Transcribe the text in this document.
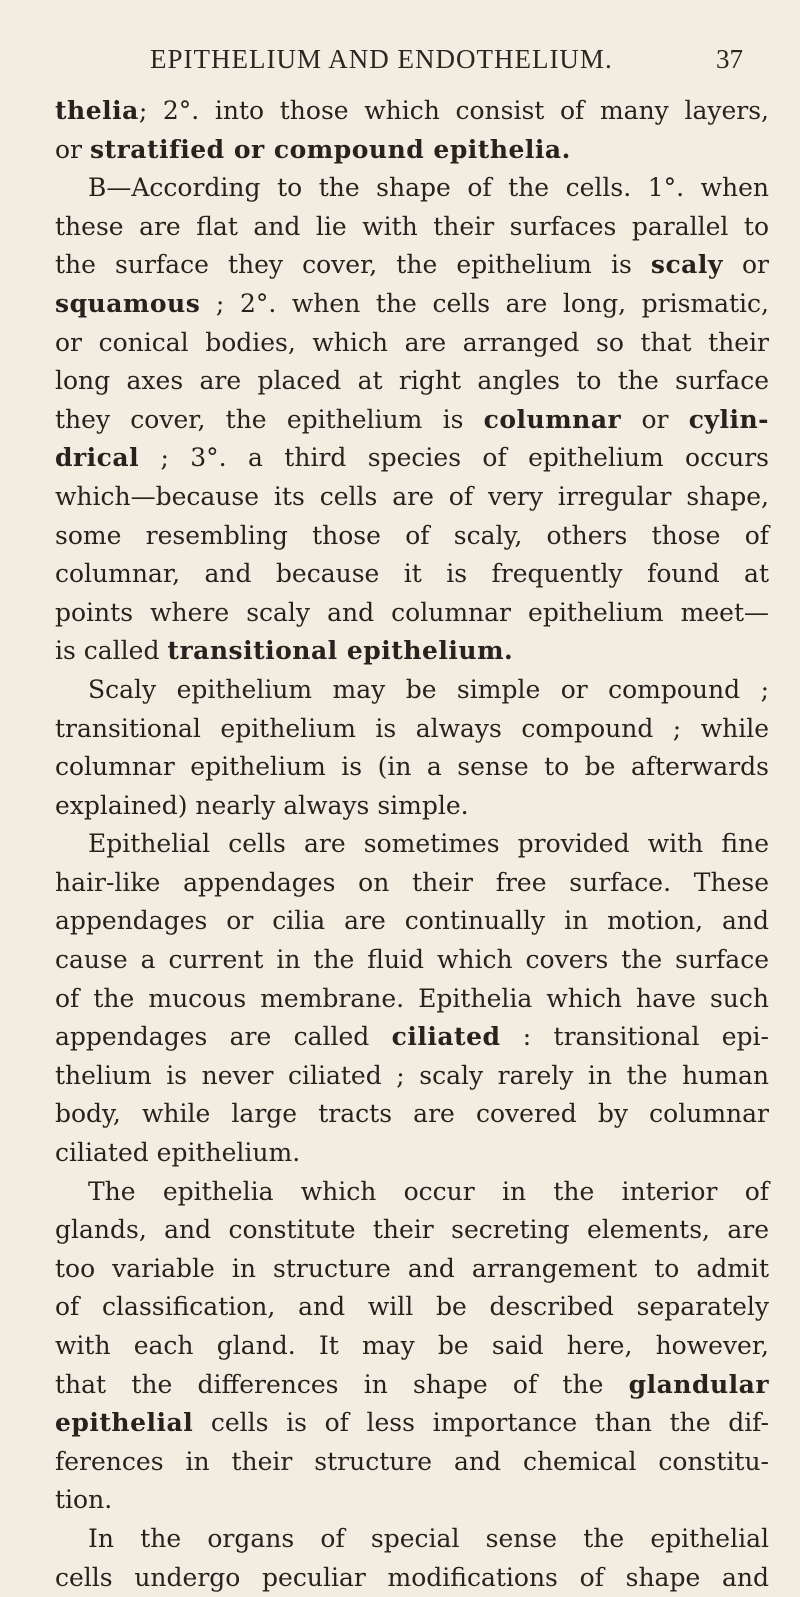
EPITHELIUM AND ENDOTHELIUM.	37
thelia; 2°. into those which consist of many layers,
or stratified or compound epithelia.
B—According to the shape of the cells. 1°. when
these are flat and lie with their surfaces parallel to
the surface they cover, the epithelium is scaly or
squamous ; 2°. when the cells are long, prismatic,
or conical bodies, which are arranged so that their
long axes are placed at right angles to the surface
they cover, the epithelium is columnar or cylin-
drical ; 3°. a third species of epithelium occurs
which—because its cells are of very irregular shape,
some resembling those of scaly, others those of
columnar, and because it is frequently found at
points where scaly and columnar epithelium meet—
is called transitional epithelium.
Scaly epithelium may be simple or compound ;
transitional epithelium is always compound ; while
columnar epithelium is (in a sense to be afterwards
explained) nearly always simple.
Epithelial cells are sometimes provided with fine
hair-like appendages on their free surface. These
appendages or cilia are continually in motion, and
cause a current in the fluid which covers the surface
of the mucous membrane. Epithelia which have such
appendages are called ciliated : transitional epi-
thelium is never ciliated ; scaly rarely in the human
body, while large tracts are covered by columnar
ciliated epithelium.
The epithelia which occur in the interior of
glands, and constitute their secreting elements, are
too variable in structure and arrangement to admit
of classification, and will be described separately
with each gland. It may be said here, however,
that the differences in shape of the glandular
epithelial cells is of less importance than the dif-
ferences in their structure and chemical constitu-
tion.
In the organs of special sense the epithelial
cells undergo peculiar modifications of shape and
